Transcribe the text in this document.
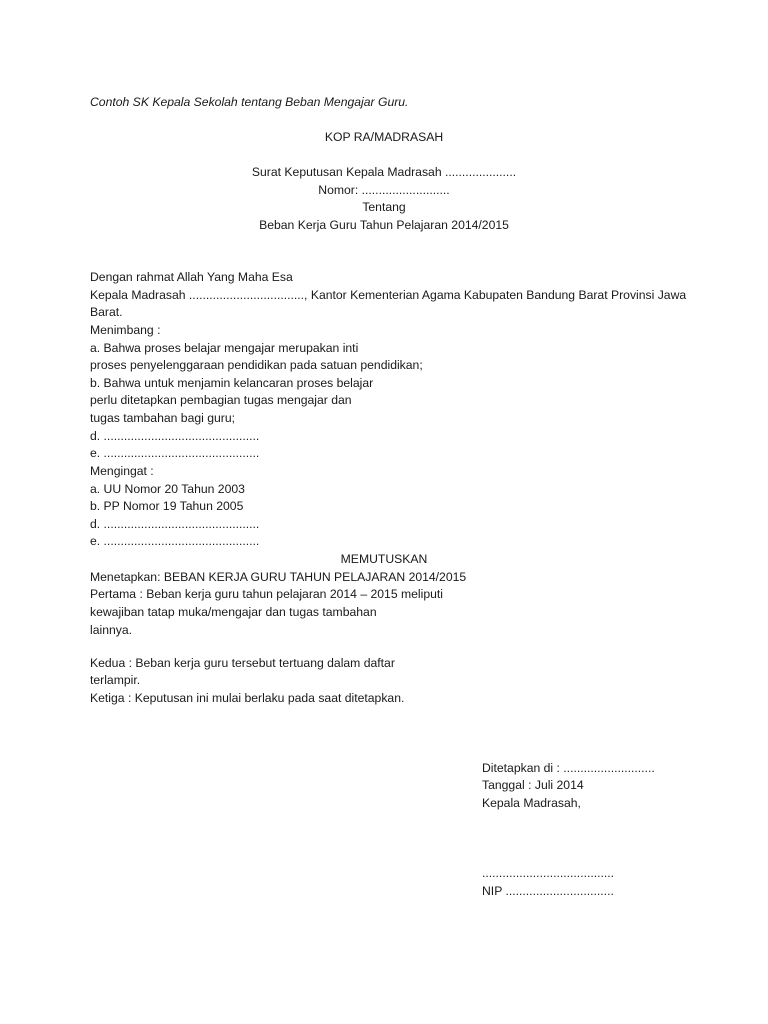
Contoh SK Kepala Sekolah tentang Beban Mengajar Guru.
KOP RA/MADRASAH
Surat Keputusan Kepala Madrasah .....................
Nomor: ..........................
Tentang
Beban Kerja Guru Tahun Pelajaran 2014/2015
Dengan rahmat Allah Yang Maha Esa
Kepala Madrasah .................................., Kantor Kementerian Agama Kabupaten Bandung Barat Provinsi Jawa
Barat.
Menimbang :
a. Bahwa proses belajar mengajar merupakan inti
proses penyelenggaraan pendidikan pada satuan pendidikan;
b. Bahwa untuk menjamin kelancaran proses belajar
perlu ditetapkan pembagian tugas mengajar dan
tugas tambahan bagi guru;
d. ..............................................
e. ..............................................
Mengingat :
a. UU Nomor 20 Tahun 2003
b. PP Nomor 19 Tahun 2005
d. ..............................................
e. ..............................................
MEMUTUSKAN
Menetapkan: BEBAN KERJA GURU TAHUN PELAJARAN 2014/2015
Pertama : Beban kerja guru tahun pelajaran 2014 – 2015 meliputi
kewajiban tatap muka/mengajar dan tugas tambahan
lainnya.
Kedua : Beban kerja guru tersebut tertuang dalam daftar
terlampir.
Ketiga : Keputusan ini mulai berlaku pada saat ditetapkan.
Ditetapkan di : ...........................
Tanggal : Juli 2014
Kepala Madrasah,
.......................................
NIP ................................
